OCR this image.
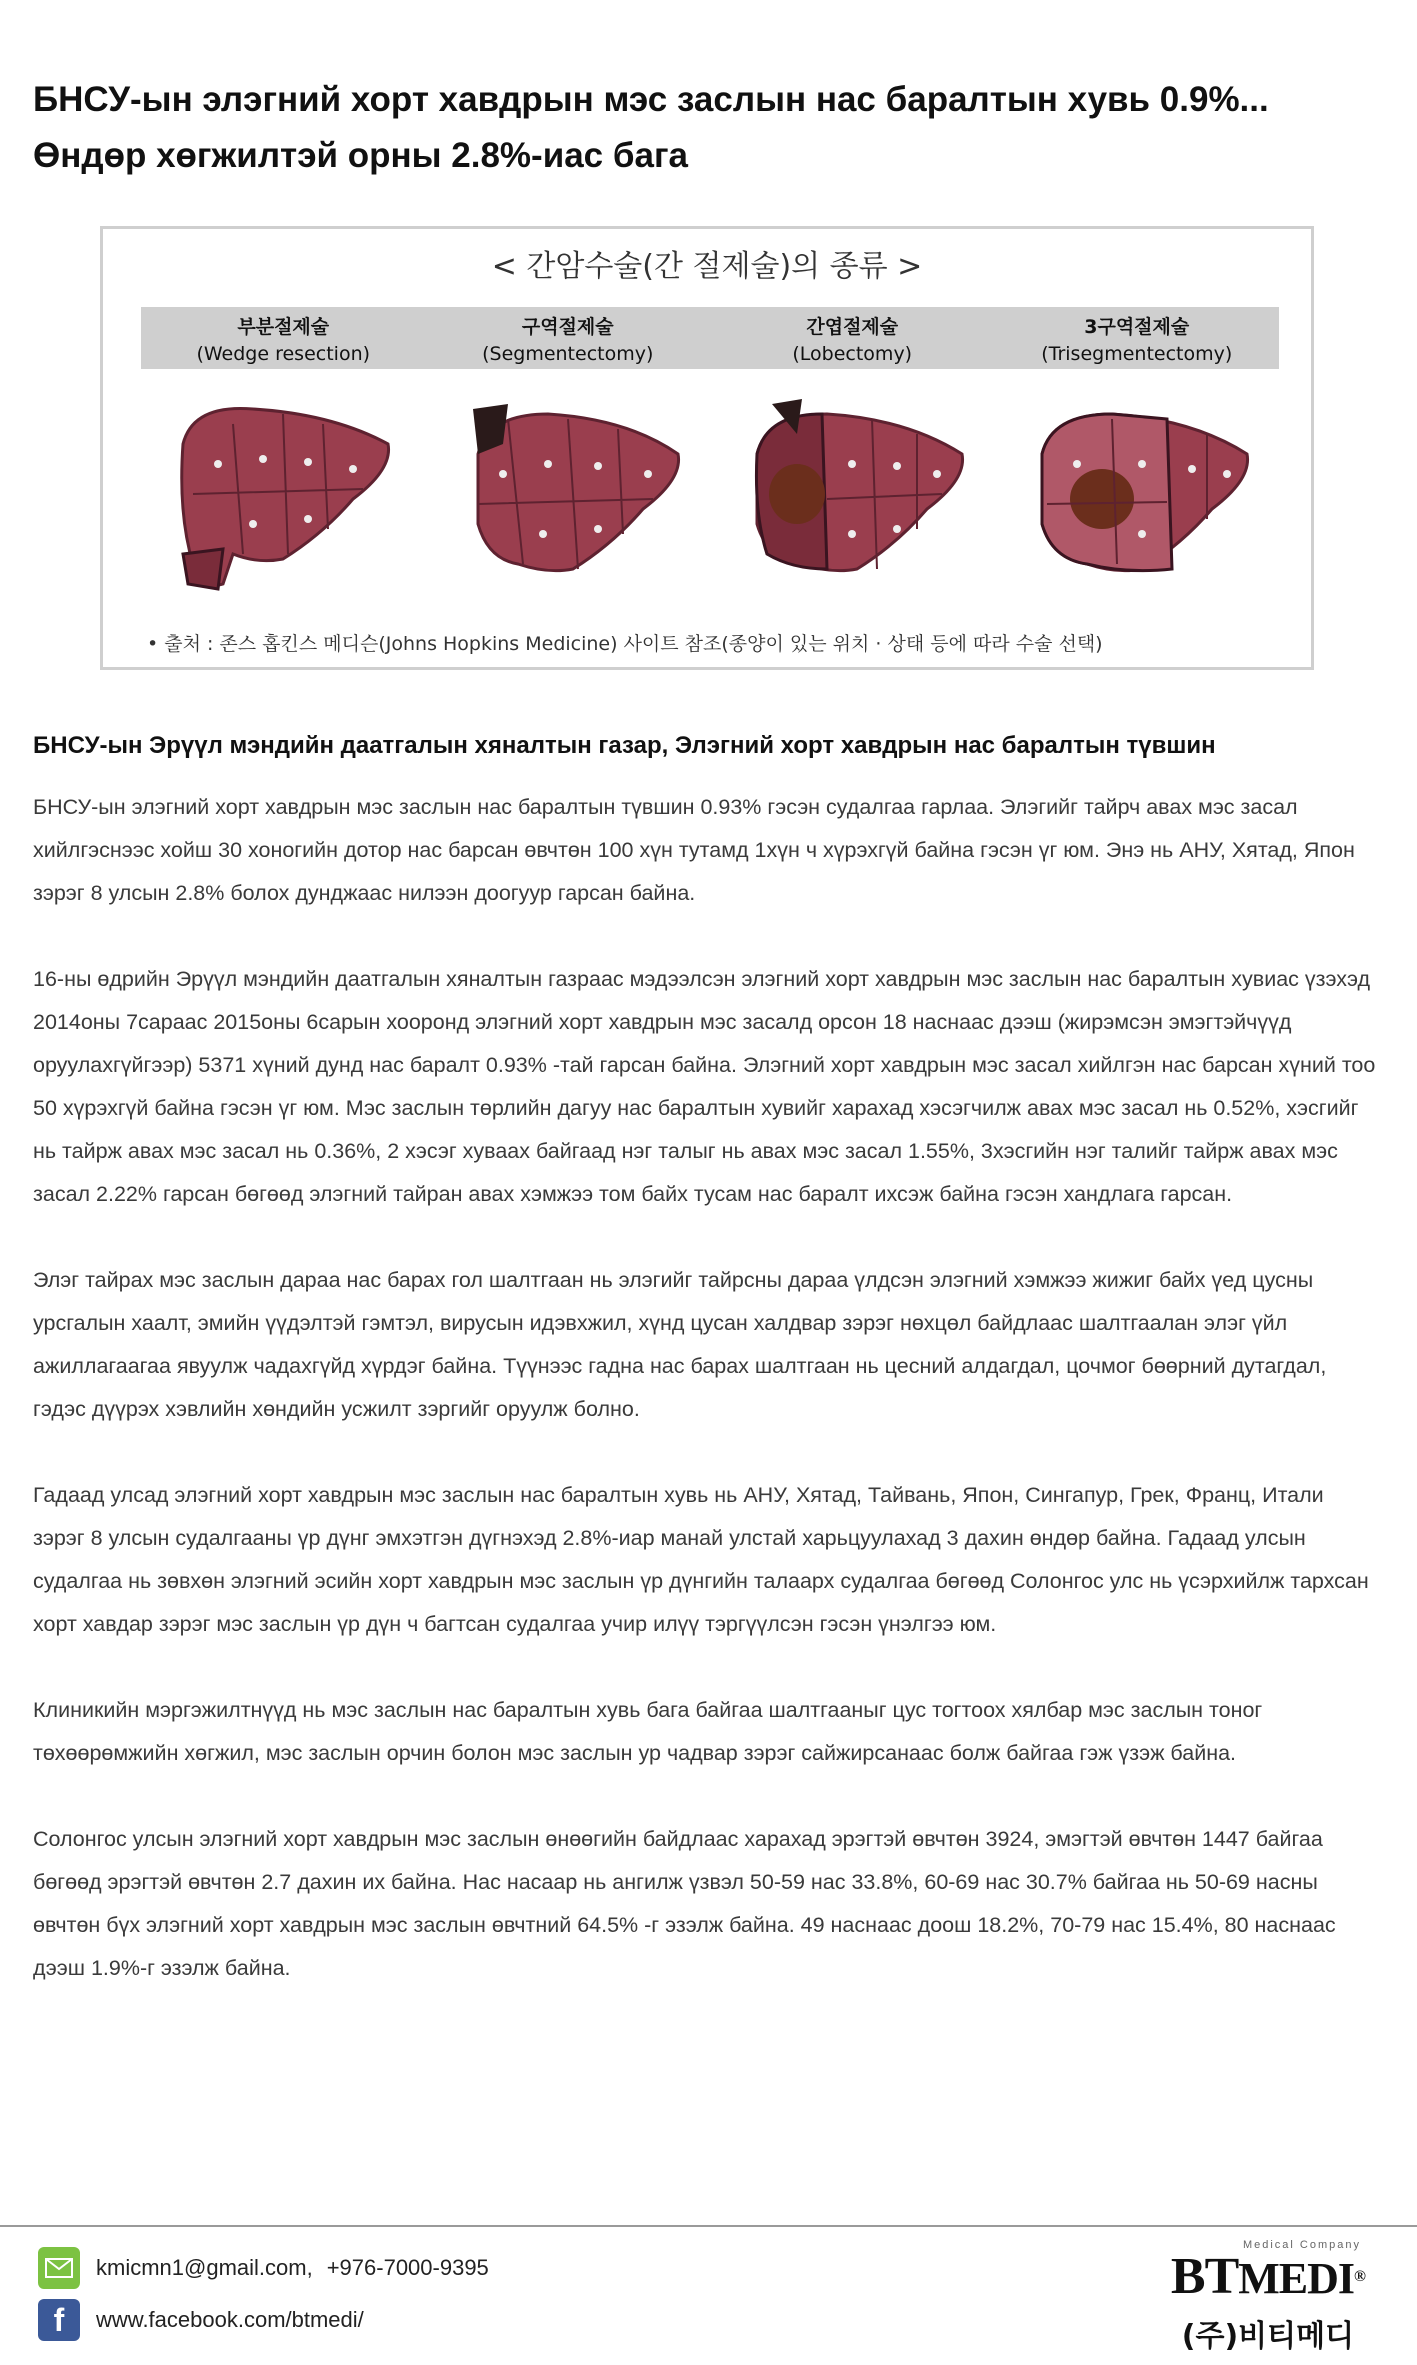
БНСУ-ын элэгний хорт хавдрын мэс заслын нас баралтын хувь 0.9%...
Өндөр хөгжилтэй орны 2.8%-иас бага
< 간암수술(간 절제술)의 종류 >
부분절제술
(Wedge resection)
구역절제술
(Segmentectomy)
간엽절제술
(Lobectomy)
3구역절제술
(Trisegmentectomy)
• 출처 : 존스 홉킨스 메디슨(Johns Hopkins Medicine) 사이트 참조(종양이 있는 위치 · 상태 등에 따라 수술 선택)
БНСУ-ын Эрүүл мэндийн даатгалын хяналтын газар, Элэгний хорт хавдрын нас баралтын түвшин

БНСУ-ын элэгний хорт хавдрын мэс заслын нас баралтын түвшин 0.93% гэсэн судалгаа гарлаа. Элэгийг тайрч авах мэс засал хийлгэснээс хойш 30 хоногийн дотор нас барсан өвчтөн 100 хүн тутамд 1хүн ч хүрэхгүй байна гэсэн үг юм. Энэ нь АНУ, Хятад, Япон зэрэг 8 улсын 2.8% болох дунджаас нилээн доогуур гарсан байна.

16-ны өдрийн Эрүүл мэндийн даатгалын хяналтын газраас мэдээлсэн элэгний хорт хавдрын мэс заслын нас баралтын хувиас үзэхэд 2014оны 7сараас 2015оны 6сарын хооронд элэгний хорт хавдрын мэс засалд орсон 18 наснаас дээш (жирэмсэн эмэгтэйчүүд оруулахгүйгээр) 5371 хүний дунд нас баралт 0.93% -тай гарсан байна. Элэгний хорт хавдрын мэс засал хийлгэн нас барсан хүний тоо 50 хүрэхгүй байна гэсэн үг юм. Мэс заслын төрлийн дагуу нас баралтын хувийг харахад хэсэгчилж авах мэс засал нь 0.52%, хэсгийг нь тайрж авах мэс засал нь 0.36%, 2 хэсэг хуваах байгаад нэг талыг нь авах мэс засал 1.55%, 3хэсгийн нэг талийг тайрж авах мэс засал 2.22% гарсан бөгөөд элэгний тайран авах хэмжээ том байх тусам нас баралт ихсэж байна гэсэн хандлага гарсан.

Элэг тайрах мэс заслын дараа нас барах гол шалтгаан нь элэгийг тайрсны дараа үлдсэн элэгний хэмжээ жижиг байх үед цусны урсгалын хаалт, эмийн үүдэлтэй гэмтэл, вирусын идэвхжил, хүнд цусан халдвар зэрэг нөхцөл байдлаас шалтгаалан элэг үйл ажиллагаагаа явуулж чадахгүйд хүрдэг байна. Түүнээс гадна нас барах шалтгаан нь цесний алдагдал, цочмог бөөрний дутагдал, гэдэс дүүрэх хэвлийн хөндийн усжилт зэргийг оруулж болно.

Гадаад улсад элэгний хорт хавдрын мэс заслын нас баралтын хувь нь АНУ, Хятад, Тайвань, Япон, Сингапур, Грек, Франц, Итали зэрэг 8 улсын судалгааны үр дүнг эмхэтгэн дүгнэхэд 2.8%-иар манай улстай харьцуулахад 3 дахин өндөр байна. Гадаад улсын судалгаа нь зөвхөн элэгний эсийн хорт хавдрын мэс заслын үр дүнгийн талаарх судалгаа бөгөөд Солонгос улс нь үсэрхийлж тархсан хорт хавдар зэрэг мэс заслын үр дүн ч багтсан судалгаа учир илүү тэргүүлсэн гэсэн үнэлгээ юм.

Клиникийн мэргэжилтнүүд нь мэс заслын нас баралтын хувь бага байгаа шалтгааныг цус тогтоох хялбар мэс заслын тоног төхөөрөмжийн хөгжил, мэс заслын орчин болон мэс заслын ур чадвар зэрэг сайжирсанаас болж байгаа гэж үзэж байна.

Солонгос улсын элэгний хорт хавдрын мэс заслын өнөөгийн байдлаас харахад эрэгтэй өвчтөн 3924, эмэгтэй өвчтөн 1447 байгаа бөгөөд эрэгтэй өвчтөн 2.7 дахин их байна. Нас насаар нь ангилж үзвэл 50-59 нас 33.8%, 60-69 нас 30.7% байгаа нь 50-69 насны өвчтөн бүх элэгний хорт хавдрын мэс заслын өвчтний 64.5% -г эзэлж байна. 49 наснаас доош 18.2%, 70-79 нас 15.4%, 80 наснаас дээш 1.9%-г эзэлж байна.

kmicmn1@gmail.com, +976-7000-9395
f	www.facebook.com/btmedi/
Medical Company
BTMEDI®
(주)비티메디
